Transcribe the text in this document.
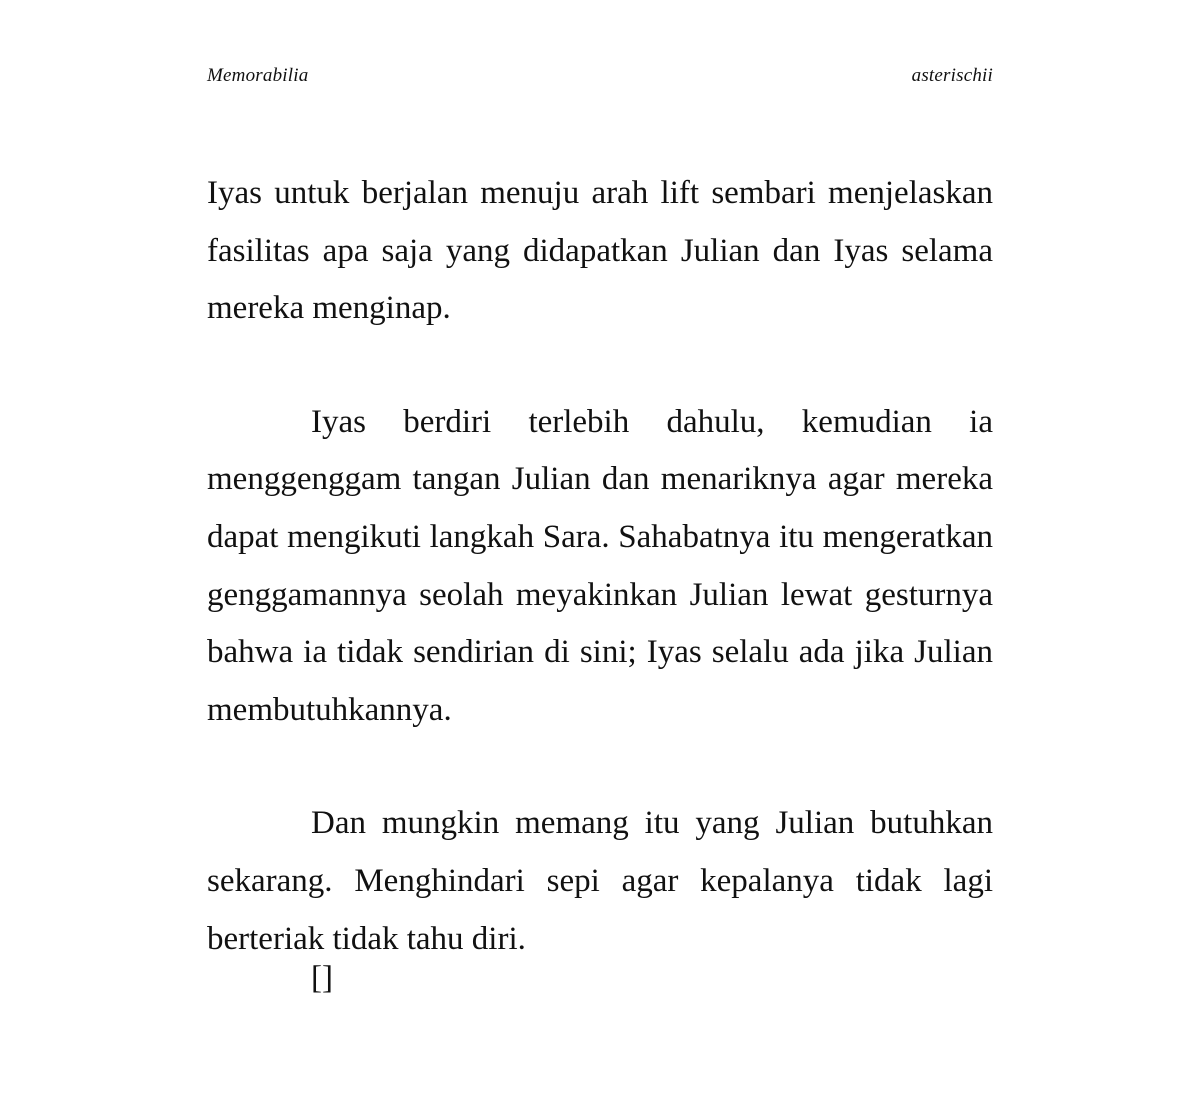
Memorabilia	asterischii

Iyas untuk berjalan menuju arah lift sembari menjelaskan fasilitas apa saja yang didapatkan Julian dan Iyas selama mereka menginap.

Iyas berdiri terlebih dahulu, kemudian ia menggenggam tangan Julian dan menariknya agar mereka dapat mengikuti langkah Sara. Sahabatnya itu mengeratkan genggamannya seolah meyakinkan Julian lewat gesturnya bahwa ia tidak sendirian di sini; Iyas selalu ada jika Julian membutuhkannya.

Dan mungkin memang itu yang Julian butuhkan sekarang. Menghindari sepi agar kepalanya tidak lagi berteriak tidak tahu diri.

[]
